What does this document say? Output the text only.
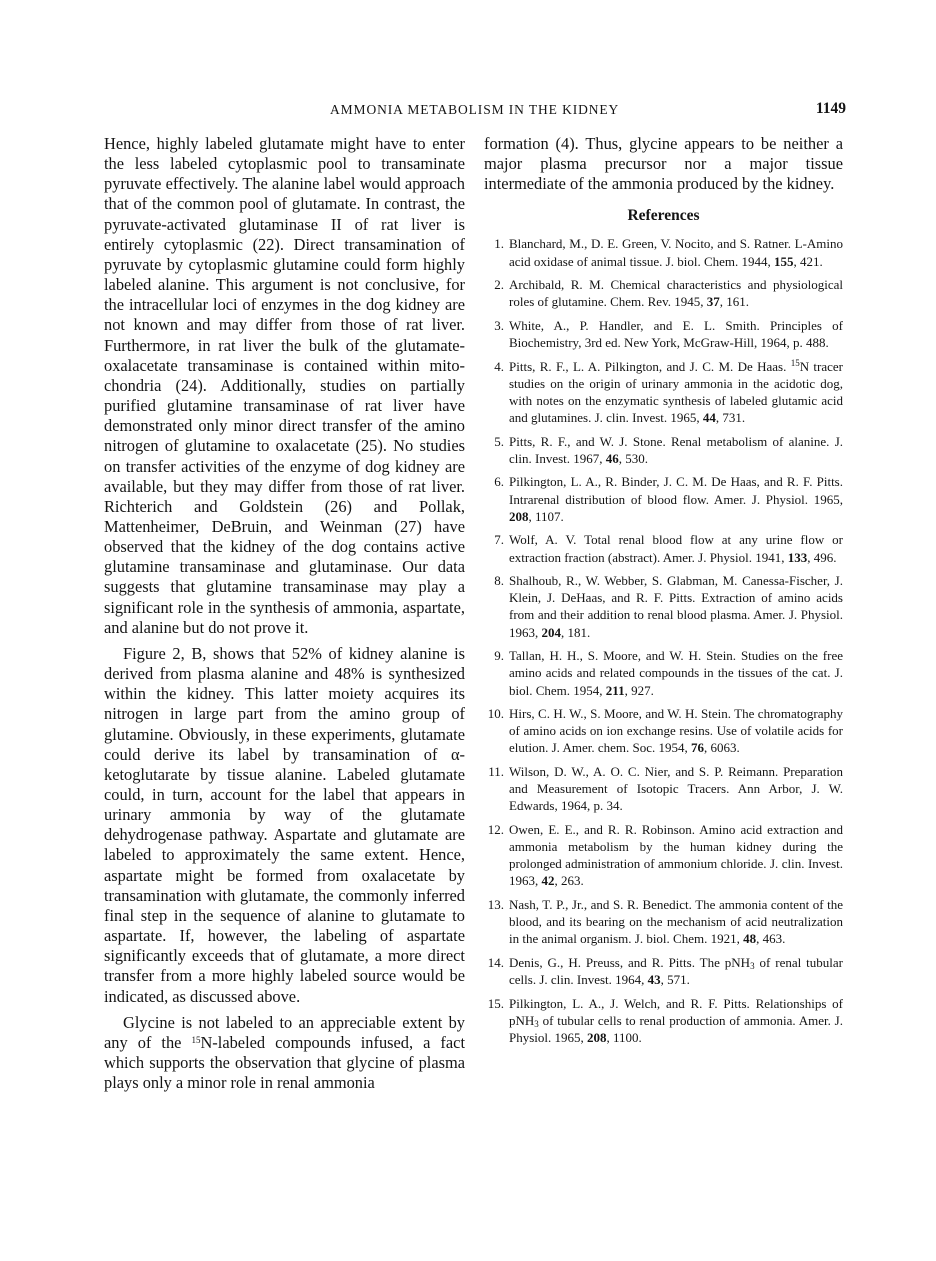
AMMONIA METABOLISM IN THE KIDNEY	1149

Hence, highly labeled glutamate might have to enter the less labeled cytoplasmic pool to transaminate pyruvate effectively. The alanine label would approach that of the common pool of glutamate. In contrast, the pyruvate-activated glutaminase II of rat liver is entirely cytoplasmic (22). Direct transamination of pyruvate by cytoplasmic glutamine could form highly labeled alanine. This argument is not conclusive, for the intracellular loci of enzymes in the dog kidney are not known and may differ from those of rat liver. Furthermore, in rat liver the bulk of the glutamate-oxalacetate transaminase is contained within mitochondria (24). Additionally, studies on partially purified glutamine transaminase of rat liver have demonstrated only minor direct transfer of the amino nitrogen of glutamine to oxalacetate (25). No studies on transfer activities of the enzyme of dog kidney are available, but they may differ from those of rat liver. Richterich and Goldstein (26) and Pollak, Mattenheimer, DeBruin, and Weinman (27) have observed that the kidney of the dog contains active glutamine transaminase and glutaminase. Our data suggests that glutamine transaminase may play a significant role in the synthesis of ammonia, aspartate, and alanine but do not prove it.

Figure 2, B, shows that 52% of kidney alanine is derived from plasma alanine and 48% is synthesized within the kidney. This latter moiety acquires its nitrogen in large part from the amino group of glutamine. Obviously, in these experiments, glutamate could derive its label by transamination of α-ketoglutarate by tissue alanine. Labeled glutamate could, in turn, account for the label that appears in urinary ammonia by way of the glutamate dehydrogenase pathway. Aspartate and glutamate are labeled to approximately the same extent. Hence, aspartate might be formed from oxalacetate by transamination with glutamate, the commonly inferred final step in the sequence of alanine to glutamate to aspartate. If, however, the labeling of aspartate significantly exceeds that of glutamate, a more direct transfer from a more highly labeled source would be indicated, as discussed above.

Glycine is not labeled to an appreciable extent by any of the $^{15}$N-labeled compounds infused, a fact which supports the observation that glycine of plasma plays only a minor role in renal ammonia

formation (4). Thus, glycine appears to be neither a major plasma precursor nor a major tissue intermediate of the ammonia produced by the kidney.

References
1. Blanchard, M., D. E. Green, V. Nocito, and S. Ratner. L-Amino acid oxidase of animal tissue. J. biol. Chem. 1944, 155, 421.
2. Archibald, R. M. Chemical characteristics and physiological roles of glutamine. Chem. Rev. 1945, 37, 161.
3. White, A., P. Handler, and E. L. Smith. Principles of Biochemistry, 3rd ed. New York, McGraw-Hill, 1964, p. 488.
4. Pitts, R. F., L. A. Pilkington, and J. C. M. De Haas. $^{15}$N tracer studies on the origin of urinary ammonia in the acidotic dog, with notes on the enzymatic synthesis of labeled glutamic acid and glutamines. J. clin. Invest. 1965, 44, 731.
5. Pitts, R. F., and W. J. Stone. Renal metabolism of alanine. J. clin. Invest. 1967, 46, 530.
6. Pilkington, L. A., R. Binder, J. C. M. De Haas, and R. F. Pitts. Intrarenal distribution of blood flow. Amer. J. Physiol. 1965, 208, 1107.
7. Wolf, A. V. Total renal blood flow at any urine flow or extraction fraction (abstract). Amer. J. Physiol. 1941, 133, 496.
8. Shalhoub, R., W. Webber, S. Glabman, M. Canessa-Fischer, J. Klein, J. DeHaas, and R. F. Pitts. Extraction of amino acids from and their addition to renal blood plasma. Amer. J. Physiol. 1963, 204, 181.
9. Tallan, H. H., S. Moore, and W. H. Stein. Studies on the free amino acids and related compounds in the tissues of the cat. J. biol. Chem. 1954, 211, 927.
10. Hirs, C. H. W., S. Moore, and W. H. Stein. The chromatography of amino acids on ion exchange resins. Use of volatile acids for elution. J. Amer. chem. Soc. 1954, 76, 6063.
11. Wilson, D. W., A. O. C. Nier, and S. P. Reimann. Preparation and Measurement of Isotopic Tracers. Ann Arbor, J. W. Edwards, 1964, p. 34.
12. Owen, E. E., and R. R. Robinson. Amino acid extraction and ammonia metabolism by the human kidney during the prolonged administration of ammonium chloride. J. clin. Invest. 1963, 42, 263.
13. Nash, T. P., Jr., and S. R. Benedict. The ammonia content of the blood, and its bearing on the mechanism of acid neutralization in the animal organism. J. biol. Chem. 1921, 48, 463.
14. Denis, G., H. Preuss, and R. Pitts. The pNH$_3$ of renal tubular cells. J. clin. Invest. 1964, 43, 571.
15. Pilkington, L. A., J. Welch, and R. F. Pitts. Relationships of pNH$_3$ of tubular cells to renal production of ammonia. Amer. J. Physiol. 1965, 208, 1100.
